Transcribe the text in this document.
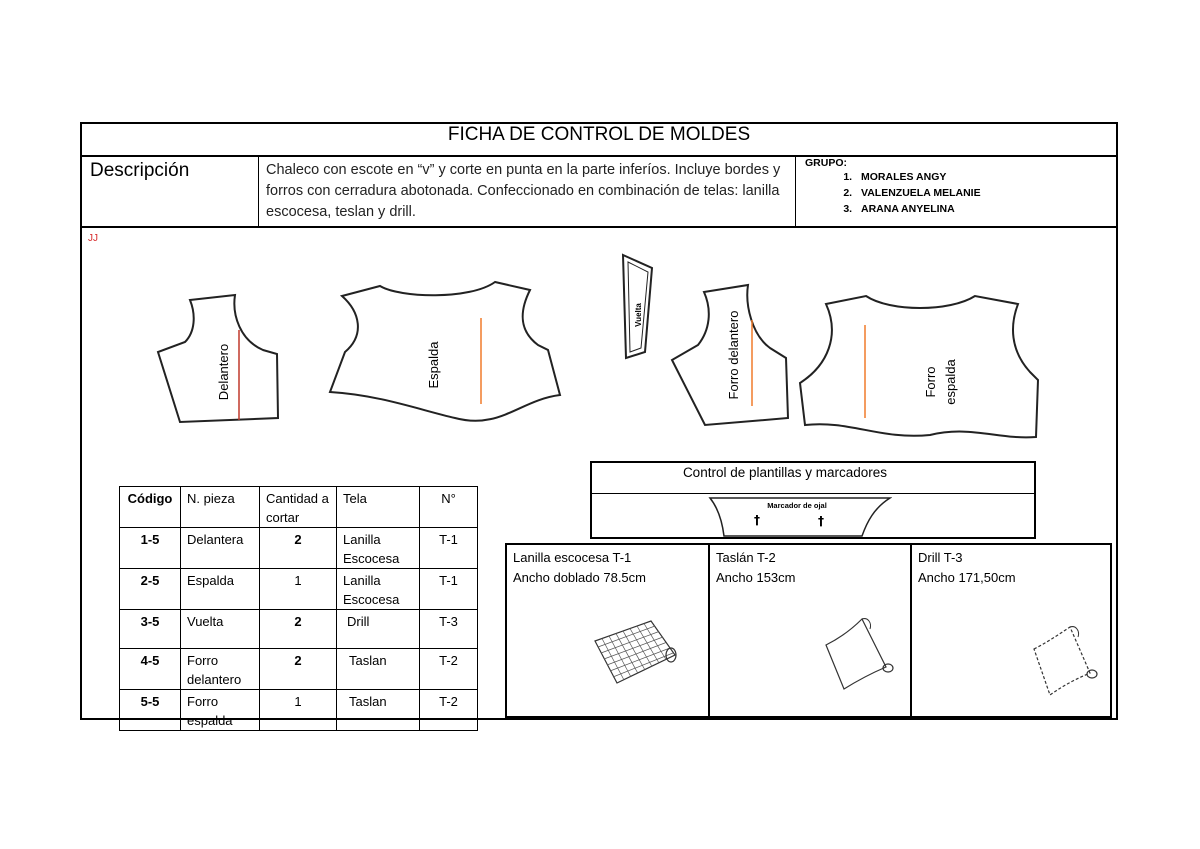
FICHA DE CONTROL DE MOLDES
Descripción	Chaleco con escote en “v” y corte en punta en la parte inferíos. Incluye bordes y forros con cerradura abotonada. Confeccionado en combinación de telas: lanilla escocesa, teslan y drill.
GRUPO:
1. MORALES ANGY
2. VALENZUELA MELANIE
3. ARANA ANYELINA
JJ
Delantero	Espalda
Vuelta	Forro delantero	Forro espalda
Código	N. pieza	Cantidad a cortar	Tela	N°
1-5	Delantera	2	Lanilla Escocesa	T-1
2-5	Espalda	1	Lanilla Escocesa	T-1
3-5	Vuelta	2	Drill	T-3
4-5	Forro delantero	2	Taslan	T-2
5-5	Forro espalda	1	Taslan	T-2
Control de plantillas y marcadores
Marcador de ojal
†	†
Lanilla escocesa T-1
Ancho doblado 78.5cm
Taslán T-2
Ancho 153cm
Drill T-3
Ancho 171,50cm
